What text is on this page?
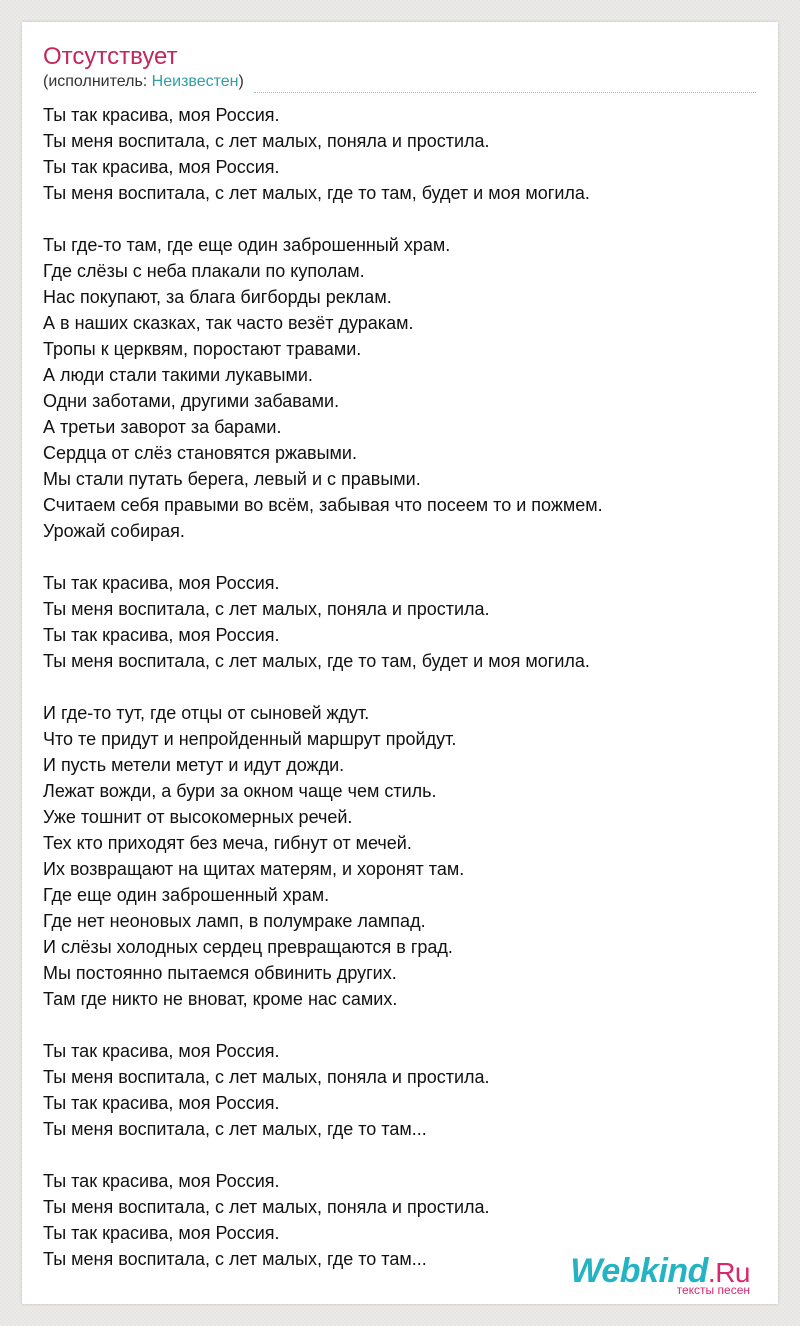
Отсутствует
(исполнитель: Неизвестен)
Ты так красива, моя Россия.
Ты меня воспитала, с лет малых, поняла и простила.
Ты так красива, моя Россия.
Ты меня воспитала, с лет малых, где то там, будет и моя могила.
Ты где-то там, где еще один заброшенный храм.
Где слёзы с неба плакали по куполам.
Нас покупают, за блага бигборды реклам.
А в наших сказках, так часто везёт дуракам.
Тропы к церквям, поростают травами.
А люди стали такими лукавыми.
Одни заботами, другими забавами.
А третьи заворот за барами.
Сердца от слёз становятся ржавыми.
Мы стали путать берега, левый и с правыми.
Считаем себя правыми во всём, забывая что посеем то и пожмем.
Урожай собирая.
Ты так красива, моя Россия.
Ты меня воспитала, с лет малых, поняла и простила.
Ты так красива, моя Россия.
Ты меня воспитала, с лет малых, где то там, будет и моя могила.
И где-то тут, где отцы от сыновей ждут.
Что те придут и непройденный маршрут пройдут.
И пусть метели метут и идут дожди.
Лежат вожди, а бури за окном чаще чем стиль.
Уже тошнит от высокомерных речей.
Тех кто приходят без меча, гибнут от мечей.
Их возвращают на щитах матерям, и хоронят там.
Где еще один заброшенный храм.
Где нет неоновых ламп, в полумраке лампад.
И слёзы холодных сердец превращаются в град.
Мы постоянно пытаемся обвинить других.
Там где никто не вноват, кроме нас самих.
Ты так красива, моя Россия.
Ты меня воспитала, с лет малых, поняла и простила.
Ты так красива, моя Россия.
Ты меня воспитала, с лет малых, где то там...
Ты так красива, моя Россия.
Ты меня воспитала, с лет малых, поняла и простила.
Ты так красива, моя Россия.
Ты меня воспитала, с лет малых, где то там...	Webkind.Ru
тексты песен
